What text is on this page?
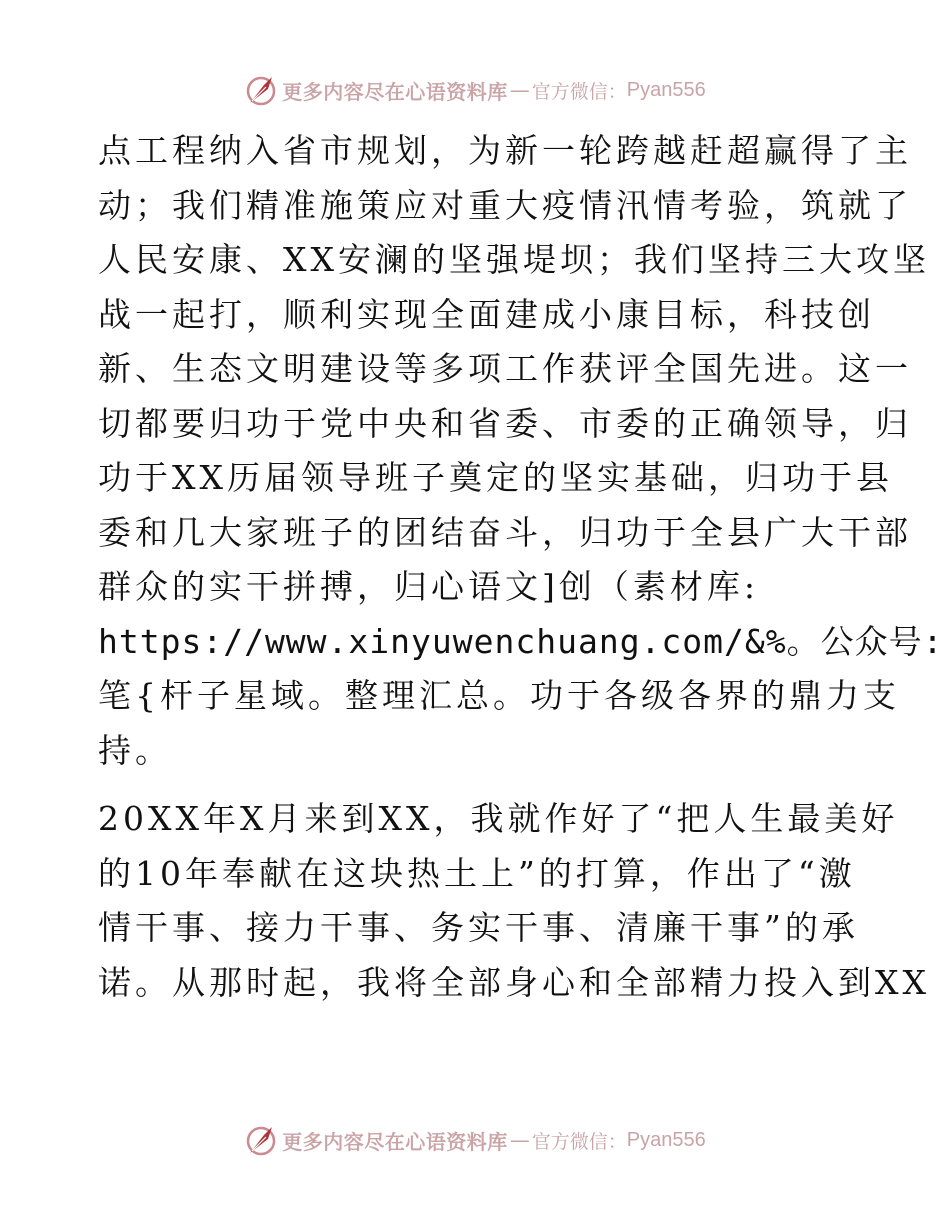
更多内容尽在心语资料库 — 官方微信： Pyan556
点工程纳入省市规划，为新一轮跨越赶超赢得了主
动；我们精准施策应对重大疫情汛情考验，筑就了
人民安康、XX安澜的坚强堤坝；我们坚持三大攻坚
战一起打，顺利实现全面建成小康目标，科技创
新、生态文明建设等多项工作获评全国先进。这一
切都要归功于党中央和省委、市委的正确领导，归
功于XX历届领导班子奠定的坚实基础，归功于县
委和几大家班子的团结奋斗，归功于全县广大干部
群众的实干拼搏，归心语文]创（素材库:
https://www.xinyuwenchuang.com/&%。公众号:
笔{杆子星域。整理汇总。功于各级各界的鼎力支
持。
20XX年X月来到XX，我就作好了“把人生最美好
的10年奉献在这块热土上”的打算，作出了“激
情干事、接力干事、务实干事、清廉干事”的承
诺。从那时起，我将全部身心和全部精力投入到XX
更多内容尽在心语资料库 — 官方微信： Pyan556
